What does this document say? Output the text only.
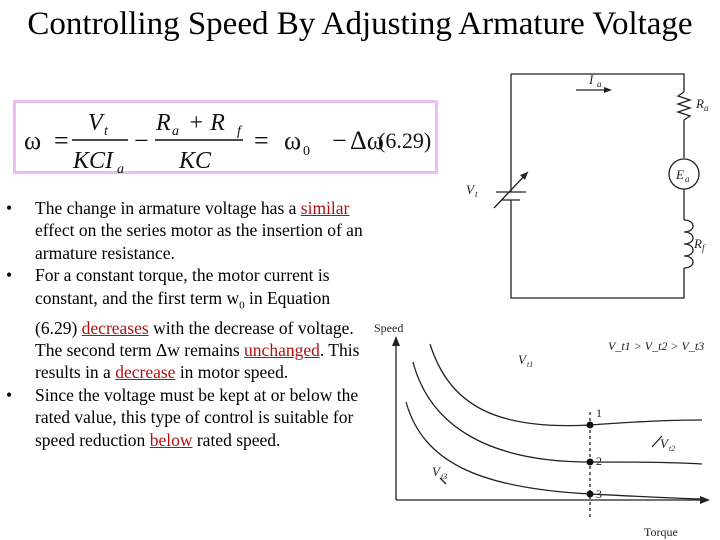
Controlling Speed By Adjusting Armature Voltage
ω =
V
KCI
t
a
−
R + R
KC
a	f = ω − Δω
0	(6.29)
•	The change in armature voltage has a similar effect on the series motor as the insertion of an armature resistance.
•	For a constant torque, the motor current is constant, and the first term $w_0$ in Equation (6.29) decreases with the decrease of voltage. The second term Δw remains unchanged. This results in a decrease in motor speed.
•	Since the voltage must be kept at or below the rated value, this type of control is suitable for speed reduction below rated speed.
I
R
E
R
V
a
a
a
f
t
Speed
Torque
V_t1 > V_t2 > V_t3
1
2
3
V
V
V
t1
t2
t3
